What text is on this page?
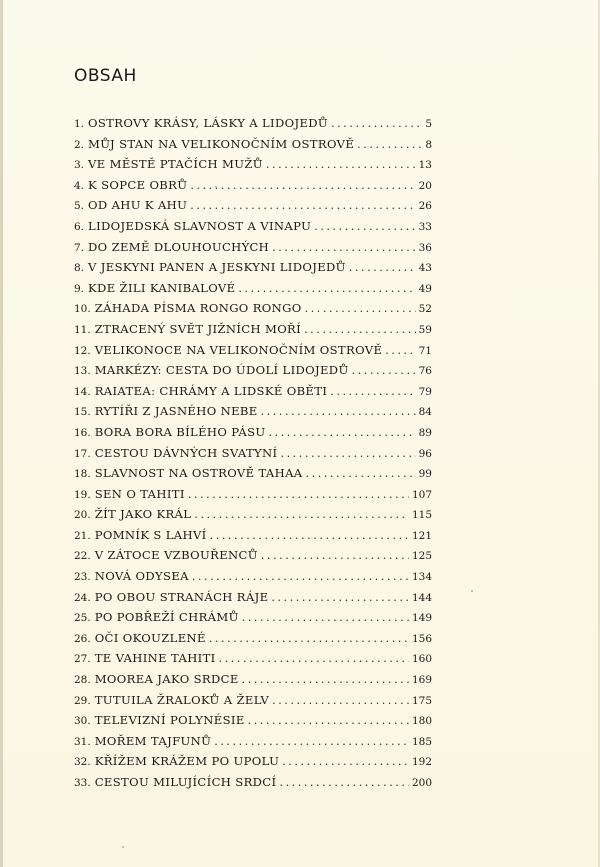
OBSAH
1. OSTROVY KRÁSY, LÁSKY A LIDOJEDŮ .....	5
2. MŮJ STAN NA VELIKONOČNÍM OSTROVĚ .....	8
3. VE MĚSTĚ PTAČÍCH MUŽŮ .....	13
4. K SOPCE OBRŮ .....	20
5. OD AHU K AHU .....	26
6. LIDOJEDSKÁ SLAVNOST A VINAPU .....	33
7. DO ZEMĚ DLOUHOUCHÝCH .....	36
8. V JESKYNI PANEN A JESKYNI LIDOJEDŮ .....	43
9. KDE ŽILI KANIBALOVÉ .....	49
10. ZÁHADA PÍSMA RONGO RONGO .....	52
11. ZTRACENÝ SVĚT JIŽNÍCH MOŘÍ .....	59
12. VELIKONOCE NA VELIKONOČNÍM OSTROVĚ .....	71
13. MARKÉZY: CESTA DO ÚDOLÍ LIDOJEDŮ .....	76
14. RAIATEA: CHRÁMY A LIDSKÉ OBĚTI .....	79
15. RYTÍŘI Z JASNÉHO NEBE .....	84
16. BORA BORA BÍLÉHO PÁSU .....	89
17. CESTOU DÁVNÝCH SVATYNÍ .....	96
18. SLAVNOST NA OSTROVĚ TAHAA .....	99
19. SEN O TAHITI .....	107
20. ŽÍT JAKO KRÁL .....	115
21. POMNÍK S LAHVÍ .....	121
22. V ZÁTOCE VZBOUŘENCŮ .....	125
23. NOVÁ ODYSEA .....	134
24. PO OBOU STRANÁCH RÁJE .....	144
25. PO POBŘEŽÍ CHRÁMŮ .....	149
26. OČI OKOUZLENÉ .....	156
27. TE VAHINE TAHITI .....	160
28. MOOREA JAKO SRDCE .....	169
29. TUTUILA ŽRALOKŮ A ŽELV .....	175
30. TELEVIZNÍ POLYNÉSIE .....	180
31. MOŘEM TAJFUNŮ .....	185
32. KŘÍŽEM KRÁŽEM PO UPOLU .....	192
33. CESTOU MILUJÍCÍCH SRDCÍ .....	200
